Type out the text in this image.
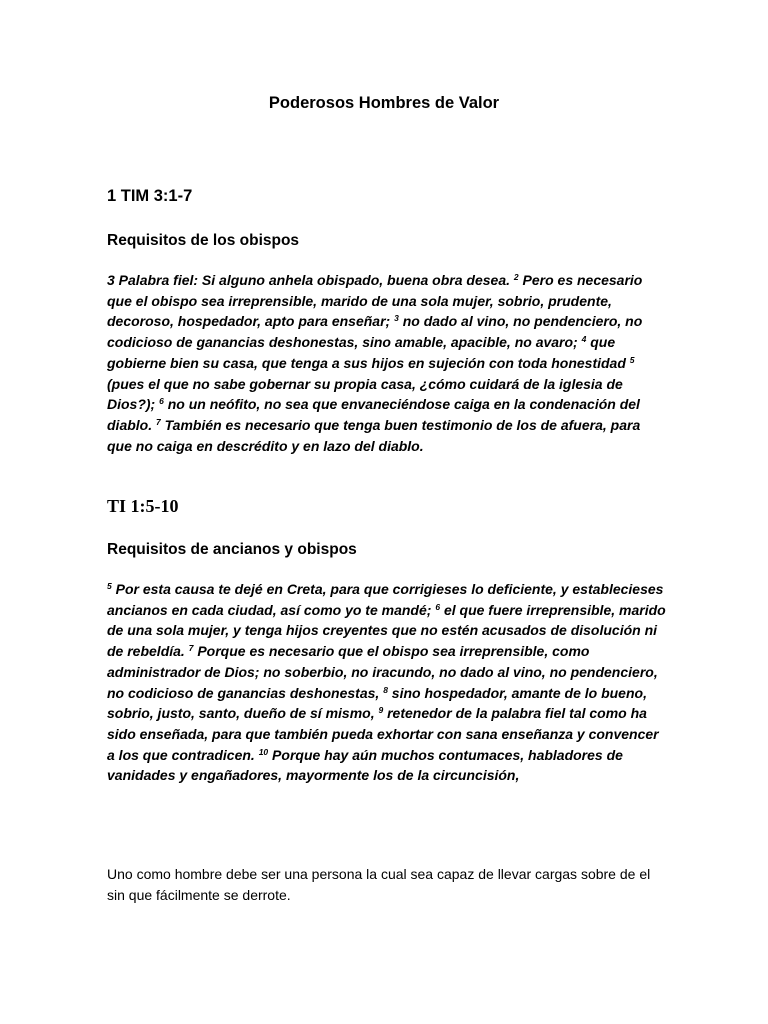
Poderosos Hombres de Valor
1 TIM 3:1-7
Requisitos de los obispos

3 Palabra fiel: Si alguno anhela obispado, buena obra desea. $^2$ Pero es necesario que el obispo sea irreprensible, marido de una sola mujer, sobrio, prudente, decoroso, hospedador, apto para enseñar; $^3$ no dado al vino, no pendenciero, no codicioso de ganancias deshonestas, sino amable, apacible, no avaro; $^4$ que gobierne bien su casa, que tenga a sus hijos en sujeción con toda honestidad $^5$ (pues el que no sabe gobernar su propia casa, ¿cómo cuidará de la iglesia de Dios?); $^6$ no un neófito, no sea que envaneciéndose caiga en la condenación del diablo. $^7$ También es necesario que tenga buen testimonio de los de afuera, para que no caiga en descrédito y en lazo del diablo.

TI 1:5-10
Requisitos de ancianos y obispos

$^5$ Por esta causa te dejé en Creta, para que corrigieses lo deficiente, y establecieses ancianos en cada ciudad, así como yo te mandé; $^6$ el que fuere irreprensible, marido de una sola mujer, y tenga hijos creyentes que no estén acusados de disolución ni de rebeldía. $^7$ Porque es necesario que el obispo sea irreprensible, como administrador de Dios; no soberbio, no iracundo, no dado al vino, no pendenciero, no codicioso de ganancias deshonestas, $^8$ sino hospedador, amante de lo bueno, sobrio, justo, santo, dueño de sí mismo, $^9$ retenedor de la palabra fiel tal como ha sido enseñada, para que también pueda exhortar con sana enseñanza y convencer a los que contradicen. $^{10}$ Porque hay aún muchos contumaces, habladores de vanidades y engañadores, mayormente los de la circuncisión,

Uno como hombre debe ser una persona la cual sea capaz de llevar cargas sobre de el sin que fácilmente se derrote.
